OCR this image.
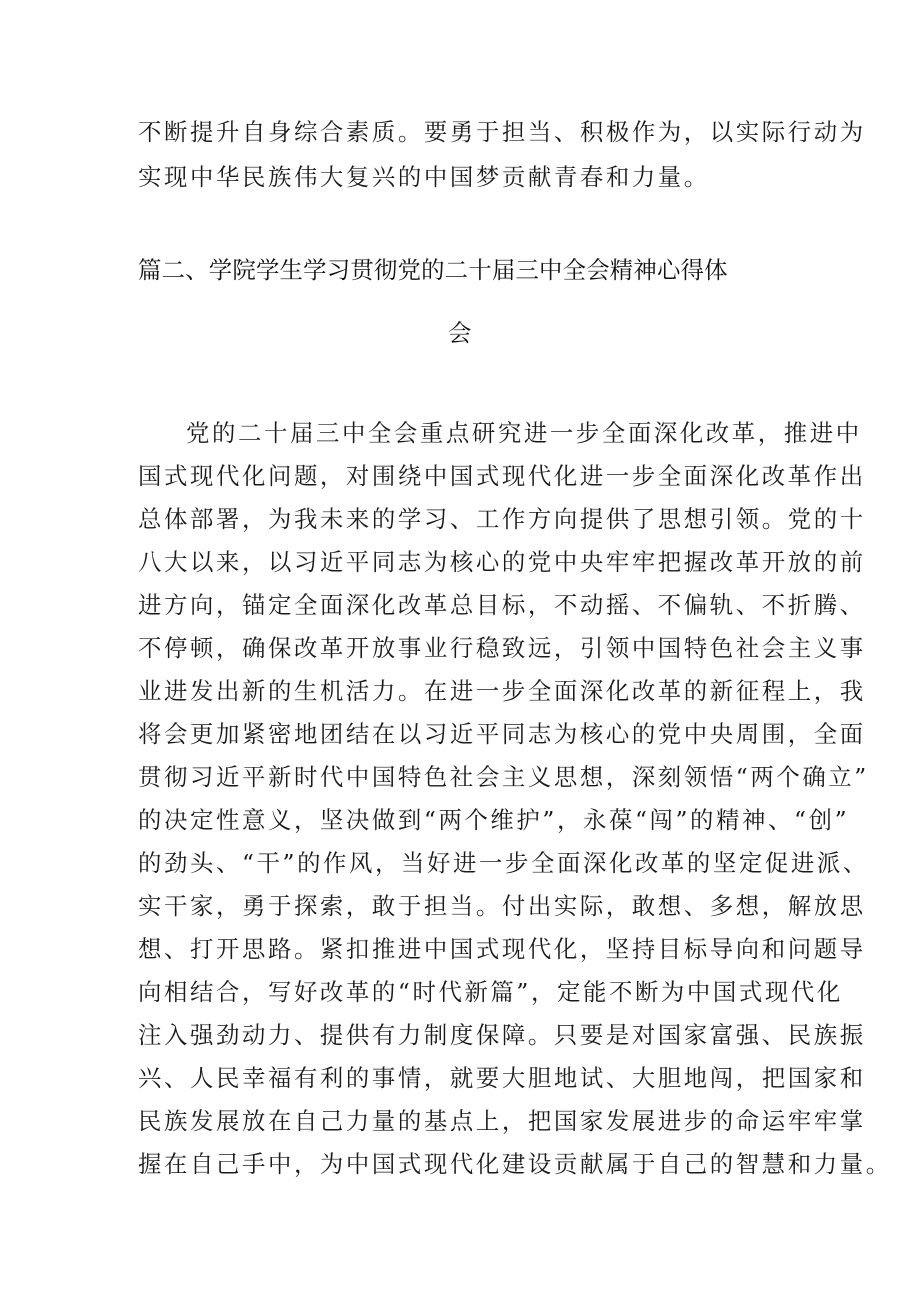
不断提升自身综合素质。要勇于担当、积极作为，以实际行动为
实现中华民族伟大复兴的中国梦贡献青春和力量。
篇二、学院学生学习贯彻党的二十届三中全会精神心得体
会
党的二十届三中全会重点研究进一步全面深化改革，推进中
国式现代化问题，对围绕中国式现代化进一步全面深化改革作出
总体部署，为我未来的学习、工作方向提供了思想引领。党的十
八大以来，以习近平同志为核心的党中央牢牢把握改革开放的前
进方向，锚定全面深化改革总目标，不动摇、不偏轨、不折腾、
不停顿，确保改革开放事业行稳致远，引领中国特色社会主义事
业进发出新的生机活力。在进一步全面深化改革的新征程上，我
将会更加紧密地团结在以习近平同志为核心的党中央周围，全面
贯彻习近平新时代中国特色社会主义思想，深刻领悟“两个确立”
的决定性意义，坚决做到“两个维护”，永葆“闯”的精神、“创”
的劲头、“干”的作风，当好进一步全面深化改革的坚定促进派、
实干家，勇于探索，敢于担当。付出实际，敢想、多想，解放思
想、打开思路。紧扣推进中国式现代化，坚持目标导向和问题导
向相结合，写好改革的“时代新篇”，定能不断为中国式现代化
注入强劲动力、提供有力制度保障。只要是对国家富强、民族振
兴、人民幸福有利的事情，就要大胆地试、大胆地闯，把国家和
民族发展放在自己力量的基点上，把国家发展进步的命运牢牢掌
握在自己手中，为中国式现代化建设贡献属于自己的智慧和力量。
